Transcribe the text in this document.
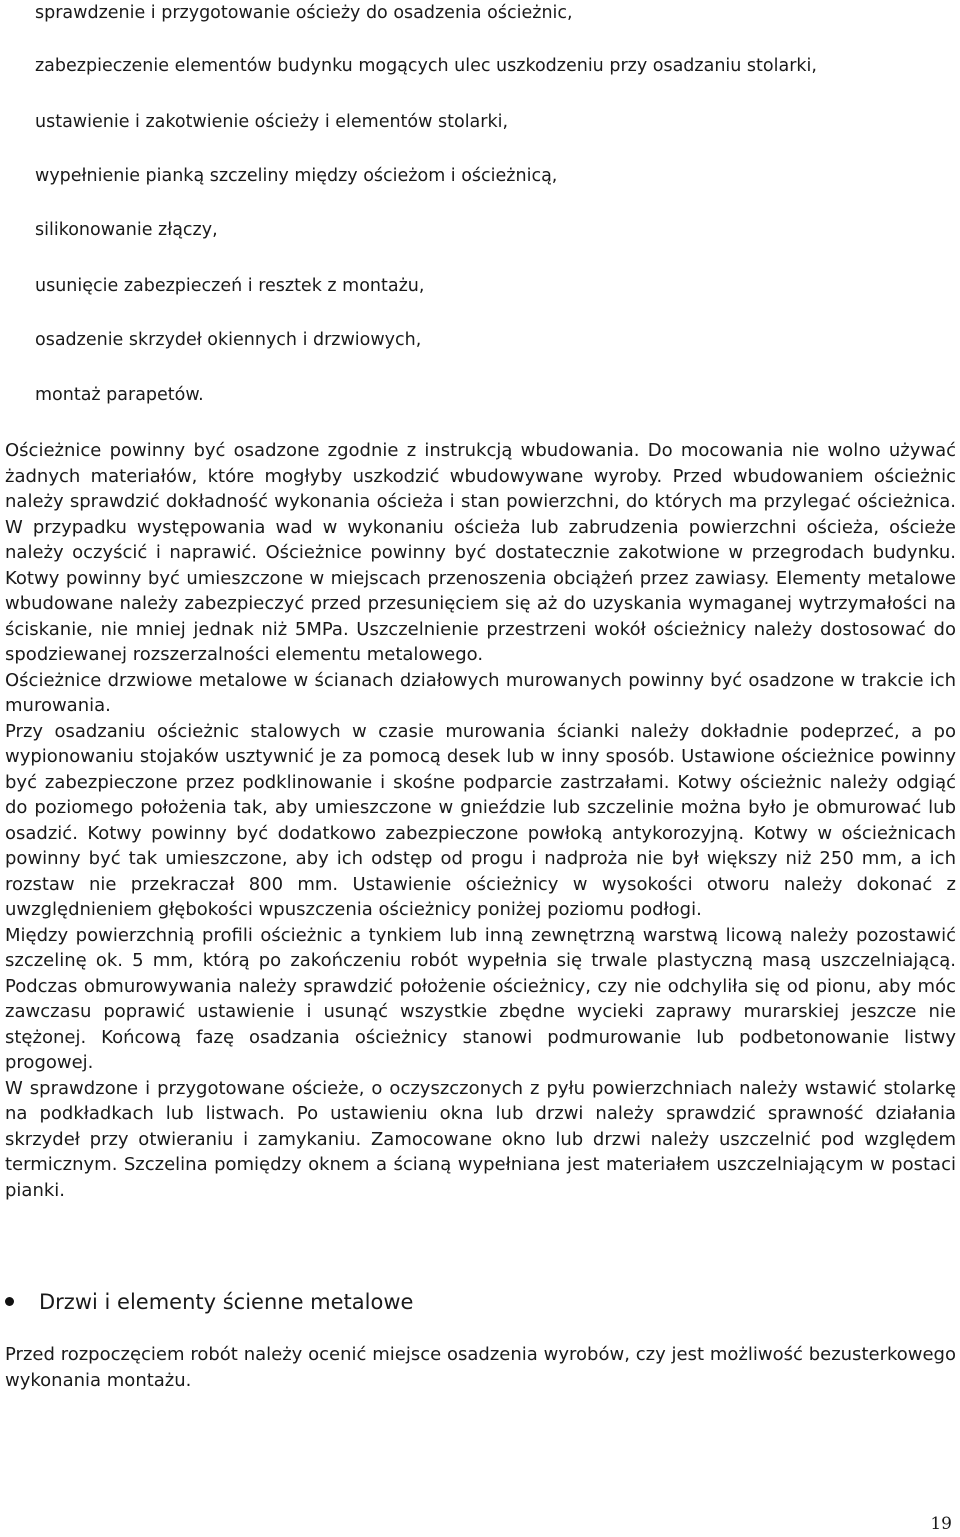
sprawdzenie i przygotowanie ościeży do osadzenia ościeżnic,
zabezpieczenie elementów budynku mogących ulec uszkodzeniu przy osadzaniu stolarki,
ustawienie i zakotwienie ościeży i elementów stolarki,
wypełnienie pianką szczeliny między ościeżom i ościeżnicą,
silikonowanie złączy,
usunięcie zabezpieczeń i resztek z montażu,
osadzenie skrzydeł okiennych i drzwiowych,
montaż parapetów.

Ościeżnice powinny być osadzone zgodnie z instrukcją wbudowania. Do mocowania nie wolno używać żadnych materiałów, które mogłyby uszkodzić wbudowywane wyroby. Przed wbudowaniem ościeżnic należy sprawdzić dokładność wykonania ościeża i stan powierzchni, do których ma przylegać ościeżnica. W przypadku występowania wad w wykonaniu ościeża lub zabrudzenia powierzchni ościeża, ościeże należy oczyścić i naprawić. Ościeżnice powinny być dostatecznie zakotwione w przegrodach budynku. Kotwy powinny być umieszczone w miejscach przenoszenia obciążeń przez zawiasy. Elementy metalowe wbudowane należy zabezpieczyć przed przesunięciem się aż do uzyskania wymaganej wytrzymałości na ściskanie, nie mniej jednak niż 5MPa. Uszczelnienie przestrzeni wokół ościeżnicy należy dostosować do spodziewanej rozszerzalności elementu metalowego.

Ościeżnice drzwiowe metalowe w ścianach działowych murowanych powinny być osadzone w trakcie ich murowania.

Przy osadzaniu ościeżnic stalowych w czasie murowania ścianki należy dokładnie podeprzeć, a po wypionowaniu stojaków usztywnić je za pomocą desek lub w inny sposób. Ustawione ościeżnice powinny być zabezpieczone przez podklinowanie i skośne podparcie zastrzałami. Kotwy ościeżnic należy odgiąć do poziomego położenia tak, aby umieszczone w gnieździe lub szczelinie można było je obmurować lub osadzić. Kotwy powinny być dodatkowo zabezpieczone powłoką antykorozyjną. Kotwy w ościeżnicach powinny być tak umieszczone, aby ich odstęp od progu i nadproża nie był większy niż 250 mm, a ich rozstaw nie przekraczał 800 mm. Ustawienie ościeżnicy w wysokości otworu należy dokonać z uwzględnieniem głębokości wpuszczenia ościeżnicy poniżej poziomu podłogi.

Między powierzchnią profili ościeżnic a tynkiem lub inną zewnętrzną warstwą licową należy pozostawić szczelinę ok. 5 mm, którą po zakończeniu robót wypełnia się trwale plastyczną masą uszczelniającą. Podczas obmurowywania należy sprawdzić położenie ościeżnicy, czy nie odchyliła się od pionu, aby móc zawczasu poprawić ustawienie i usunąć wszystkie zbędne wycieki zaprawy murarskiej jeszcze nie stężonej. Końcową fazę osadzania ościeżnicy stanowi podmurowanie lub podbetonowanie listwy progowej.

W sprawdzone i przygotowane ościeże, o oczyszczonych z pyłu powierzchniach należy wstawić stolarkę na podkładkach lub listwach. Po ustawieniu okna lub drzwi należy sprawdzić sprawność działania skrzydeł przy otwieraniu i zamykaniu. Zamocowane okno lub drzwi należy uszczelnić pod względem termicznym. Szczelina pomiędzy oknem a ścianą wypełniana jest materiałem uszczelniającym w postaci pianki.

Drzwi i elementy ścienne metalowe

Przed rozpoczęciem robót należy ocenić miejsce osadzenia wyrobów, czy jest możliwość bezusterkowego wykonania montażu.

19
